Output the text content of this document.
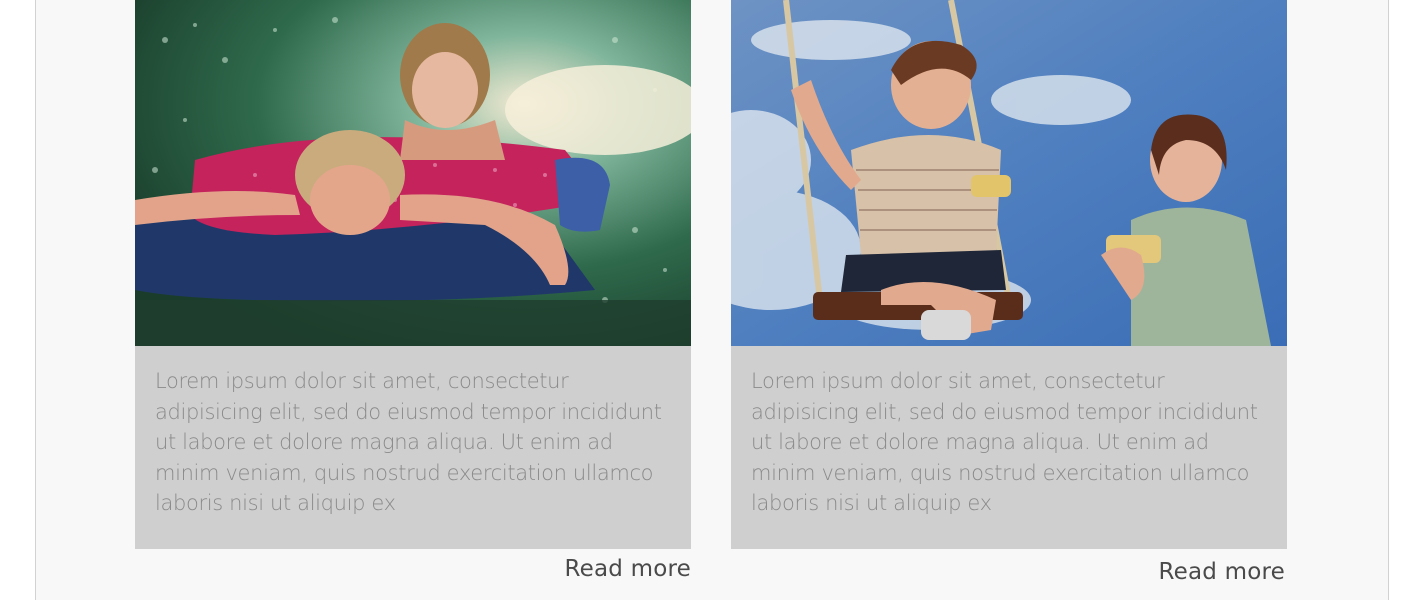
Lorem ipsum dolor sit amet, consectetur adipisicing elit, sed do eiusmod tempor incididunt ut labore et dolore magna aliqua. Ut enim ad minim veniam, quis nostrud exercitation ullamco laboris nisi ut aliquip ex

Read more

Lorem ipsum dolor sit amet, consectetur adipisicing elit, sed do eiusmod tempor incididunt ut labore et dolore magna aliqua. Ut enim ad minim veniam, quis nostrud exercitation ullamco laboris nisi ut aliquip ex

Read more
